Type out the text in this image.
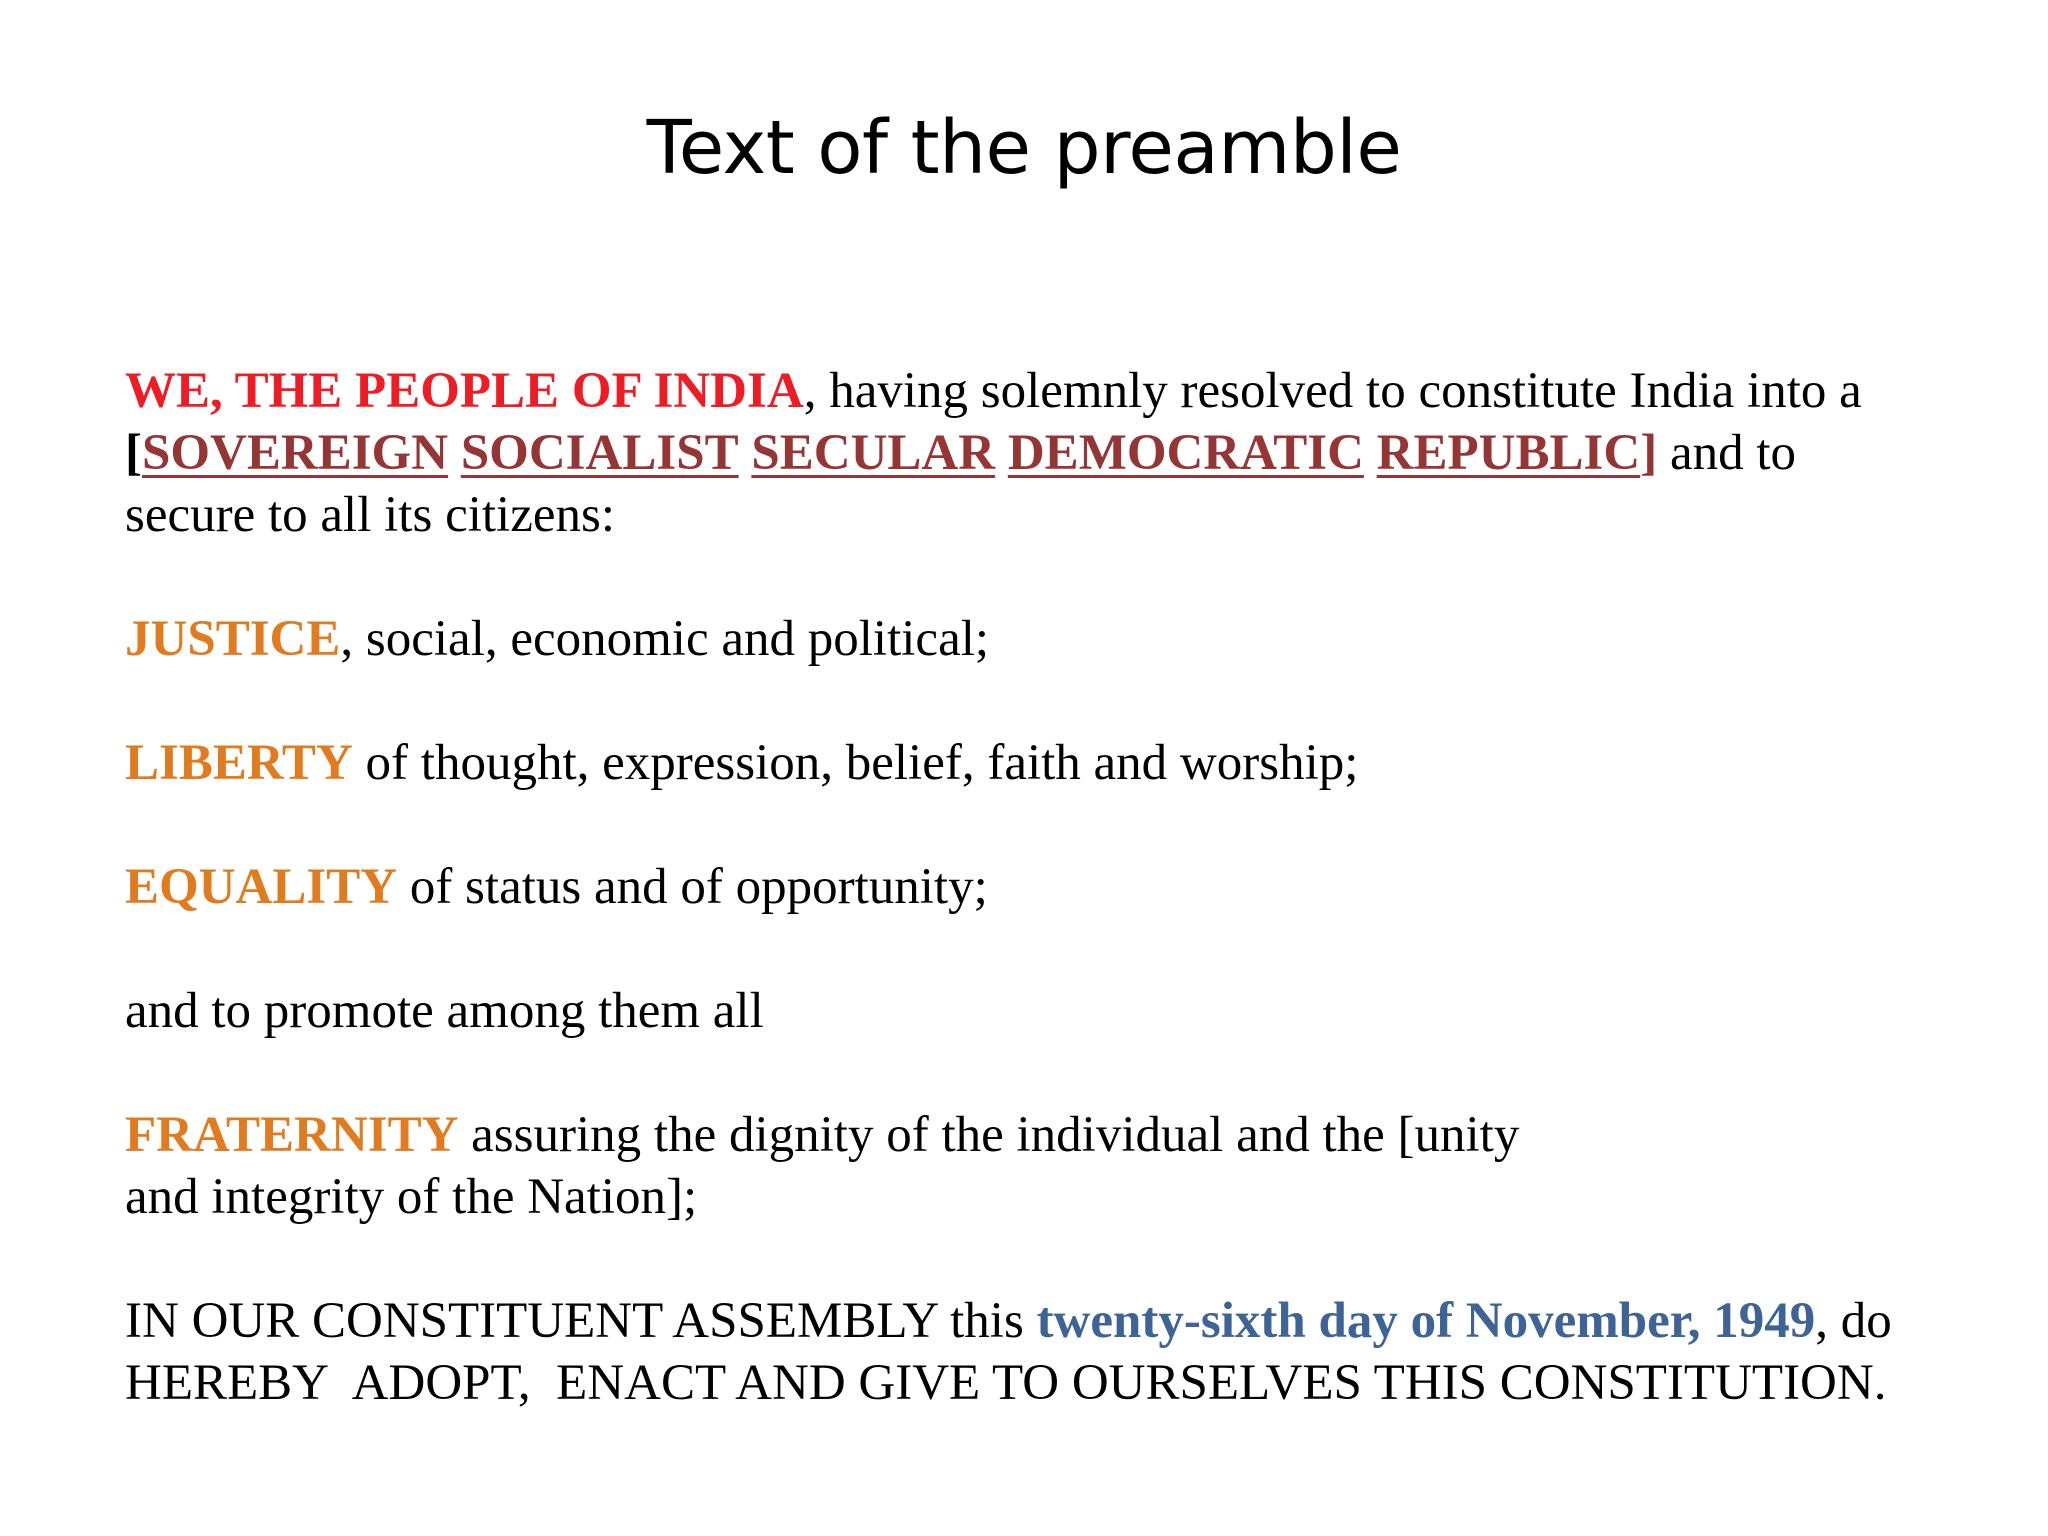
Text of the preamble

WE, THE PEOPLE OF INDIA, having solemnly resolved to constitute India into a
[SOVEREIGN SOCIALIST SECULAR DEMOCRATIC REPUBLIC] and to
secure to all its citizens:

JUSTICE, social, economic and political;

LIBERTY of thought, expression, belief, faith and worship;

EQUALITY of status and of opportunity;

and to promote among them all

FRATERNITY assuring the dignity of the individual and the [unity
and integrity of the Nation];

IN OUR CONSTITUENT ASSEMBLY this twenty-sixth day of November, 1949, do
HEREBY  ADOPT,  ENACT AND GIVE TO OURSELVES THIS CONSTITUTION.
